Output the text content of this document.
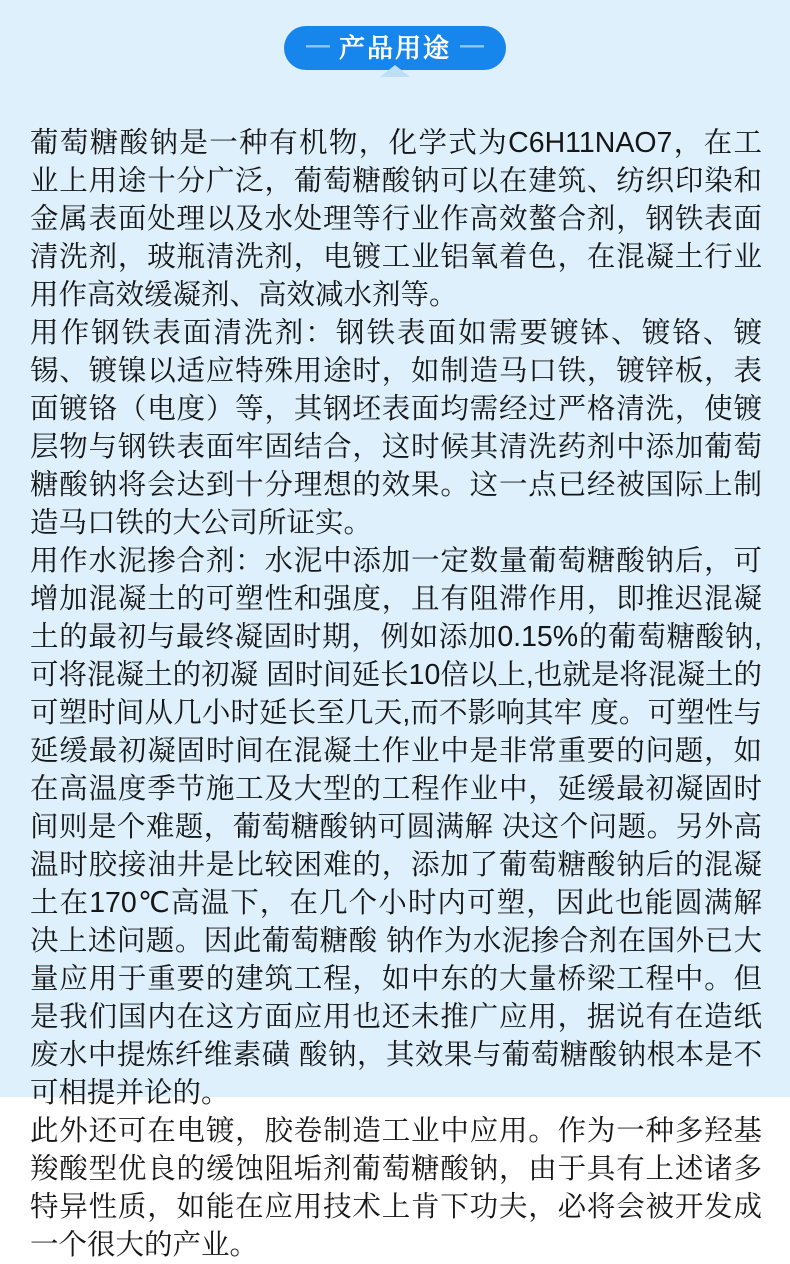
— 产品用途 —

葡萄糖酸钠是一种有机物，化学式为C6H11NAO7，在工业上用途十分广泛，葡萄糖酸钠可以在建筑、纺织印染和金属表面处理以及水处理等行业作高效螯合剂，钢铁表面清洗剂，玻瓶清洗剂，电镀工业铝氧着色，在混凝土行业用作高效缓凝剂、高效减水剂等。

用作钢铁表面清洗剂：钢铁表面如需要镀钵、镀铬、镀锡、镀镍以适应特殊用途时，如制造马口铁，镀锌板，表面镀铬（电度）等，其钢坯表面均需经过严格清洗，使镀层物与钢铁表面牢固结合，这时候其清洗药剂中添加葡萄糖酸钠将会达到十分理想的效果。这一点已经被国际上制造马口铁的大公司所证实。

用作水泥掺合剂：水泥中添加一定数量葡萄糖酸钠后，可增加混凝土的可塑性和强度，且有阻滞作用，即推迟混凝土的最初与最终凝固时期，例如添加0.15%的葡萄糖酸钠,可将混凝土的初凝 固时间延长10倍以上,也就是将混凝土的可塑时间从几小时延长至几天,而不影响其牢 度。可塑性与延缓最初凝固时间在混凝土作业中是非常重要的问题，如在高温度季节施工及大型的工程作业中，延缓最初凝固时间则是个难题，葡萄糖酸钠可圆满解 决这个问题。另外高温时胶接油井是比较困难的，添加了葡萄糖酸钠后的混凝土在170℃高温下，在几个小时内可塑，因此也能圆满解决上述问题。因此葡萄糖酸 钠作为水泥掺合剂在国外已大量应用于重要的建筑工程，如中东的大量桥梁工程中。但是我们国内在这方面应用也还未推广应用，据说有在造纸废水中提炼纤维素磺 酸钠，其效果与葡萄糖酸钠根本是不可相提并论的。

此外还可在电镀，胶卷制造工业中应用。作为一种多羟基羧酸型优良的缓蚀阻垢剂葡萄糖酸钠，由于具有上述诸多特异性质，如能在应用技术上肯下功夫，必将会被开发成一个很大的产业。
